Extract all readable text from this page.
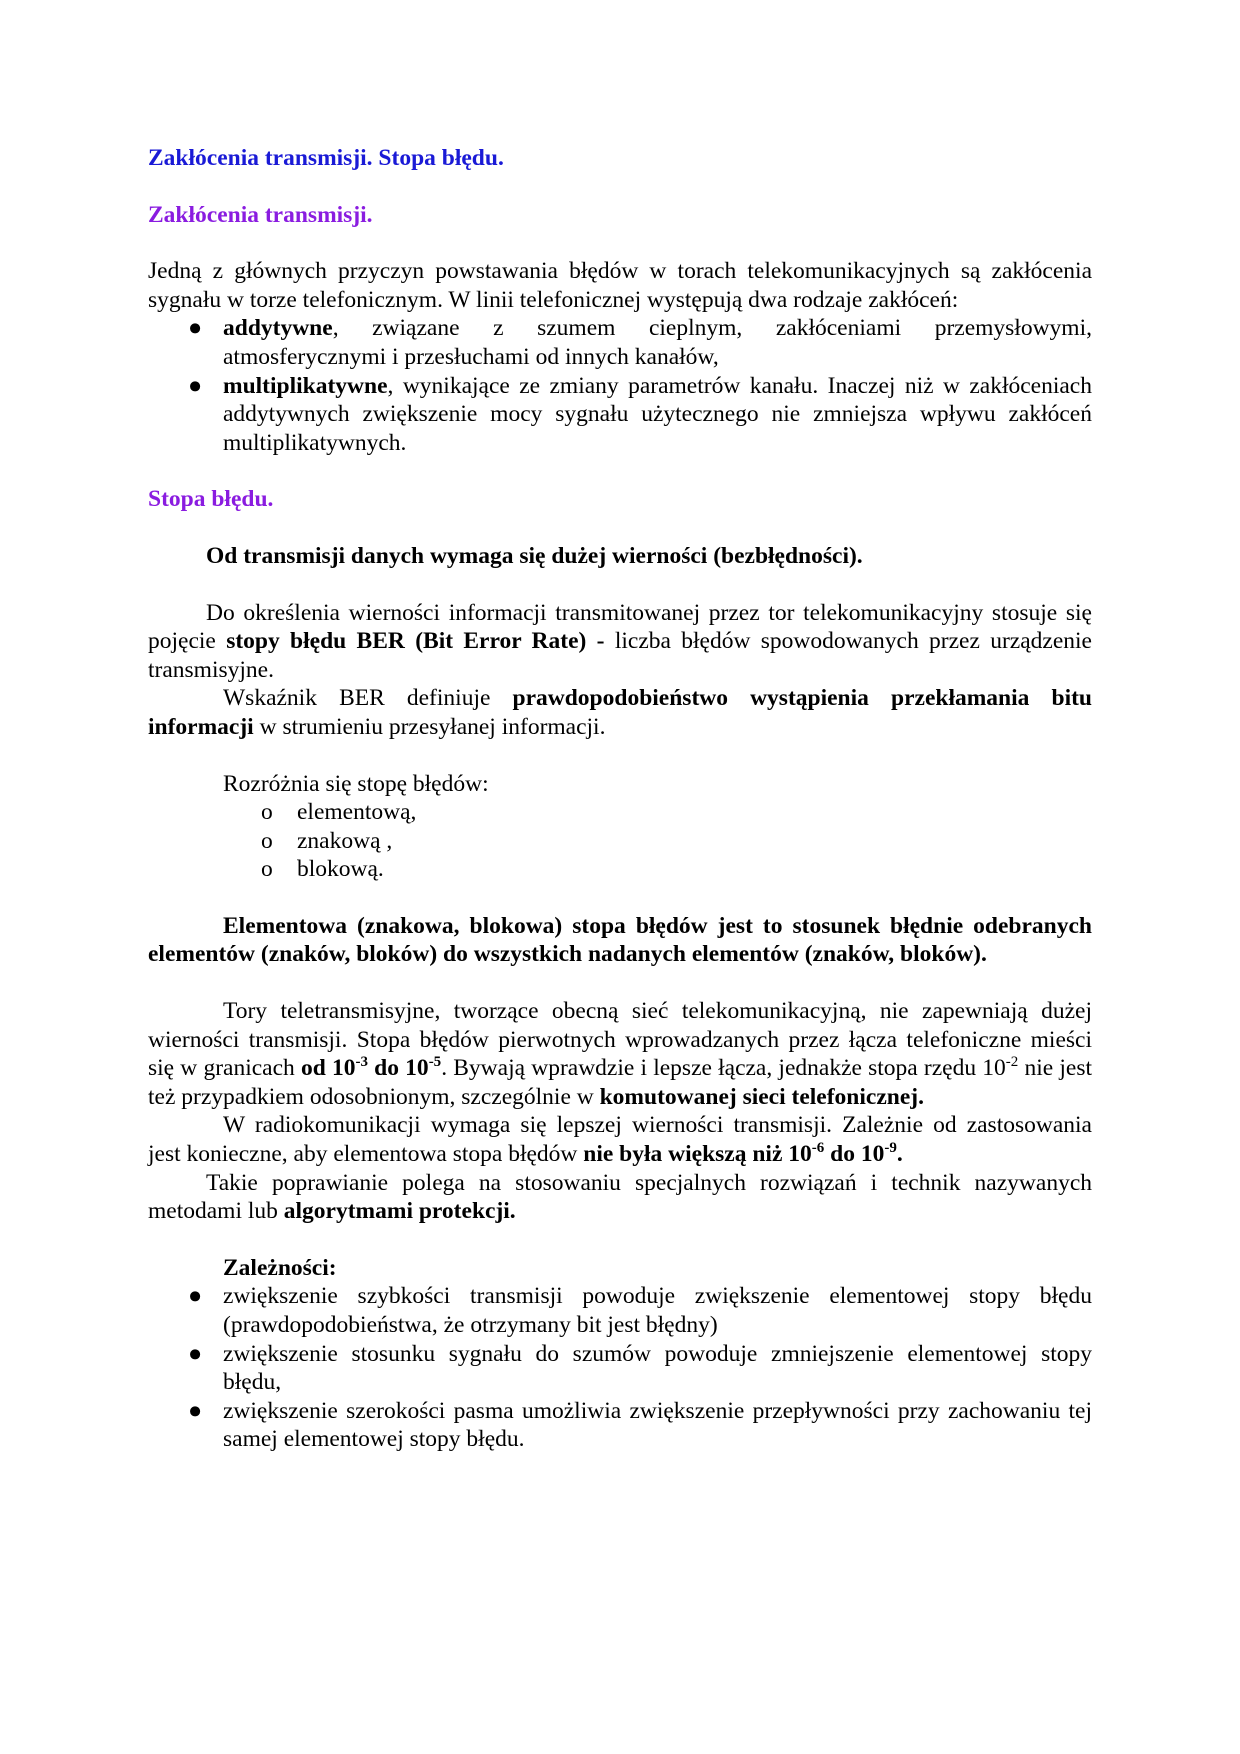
Zakłócenia transmisji. Stopa błędu.
Zakłócenia transmisji.

Jedną z głównych przyczyn powstawania błędów w torach telekomunikacyjnych są zakłócenia sygnału w torze telefonicznym. W linii telefonicznej występują dwa rodzaje zakłóceń:

● addytywne, związane z szumem cieplnym, zakłóceniami przemysłowymi, atmosferycznymi i przesłuchami od innych kanałów,
● multiplikatywne, wynikające ze zmiany parametrów kanału. Inaczej niż w zakłóceniach addytywnych zwiększenie mocy sygnału użytecznego nie zmniejsza wpływu zakłóceń multiplikatywnych.
Stopa błędu.

Od transmisji danych wymaga się dużej wierności (bezbłędności).

Do określenia wierności informacji transmitowanej przez tor telekomunikacyjny stosuje się pojęcie stopy błędu BER (Bit Error Rate) - liczba błędów spowodowanych przez urządzenie transmisyjne.

Wskaźnik BER definiuje prawdopodobieństwo wystąpienia przekłamania bitu informacji w strumieniu przesyłanej informacji.

Rozróżnia się stopę błędów:

o elementową,
o znakową ,
o blokową.

Elementowa (znakowa, blokowa) stopa błędów jest to stosunek błędnie odebranych elementów (znaków, bloków) do wszystkich nadanych elementów (znaków, bloków).

Tory teletransmisyjne, tworzące obecną sieć telekomunikacyjną, nie zapewniają dużej wierności transmisji. Stopa błędów pierwotnych wprowadzanych przez łącza telefoniczne mieści się w granicach od $10^{-3}$ do $10^{-5}$. Bywają wprawdzie i lepsze łącza, jednakże stopa rzędu $10^{-2}$ nie jest też przypadkiem odosobnionym, szczególnie w komutowanej sieci telefonicznej.

W radiokomunikacji wymaga się lepszej wierności transmisji. Zależnie od zastosowania jest konieczne, aby elementowa stopa błędów nie była większą niż $10^{-6}$ do $10^{-9}$.

Takie poprawianie polega na stosowaniu specjalnych rozwiązań i technik nazywanych metodami lub algorytmami protekcji.

Zależności:

● zwiększenie szybkości transmisji powoduje zwiększenie elementowej stopy błędu (prawdopodobieństwa, że otrzymany bit jest błędny)
● zwiększenie stosunku sygnału do szumów powoduje zmniejszenie elementowej stopy błędu,
● zwiększenie szerokości pasma umożliwia zwiększenie przepływności przy zachowaniu tej samej elementowej stopy błędu.
